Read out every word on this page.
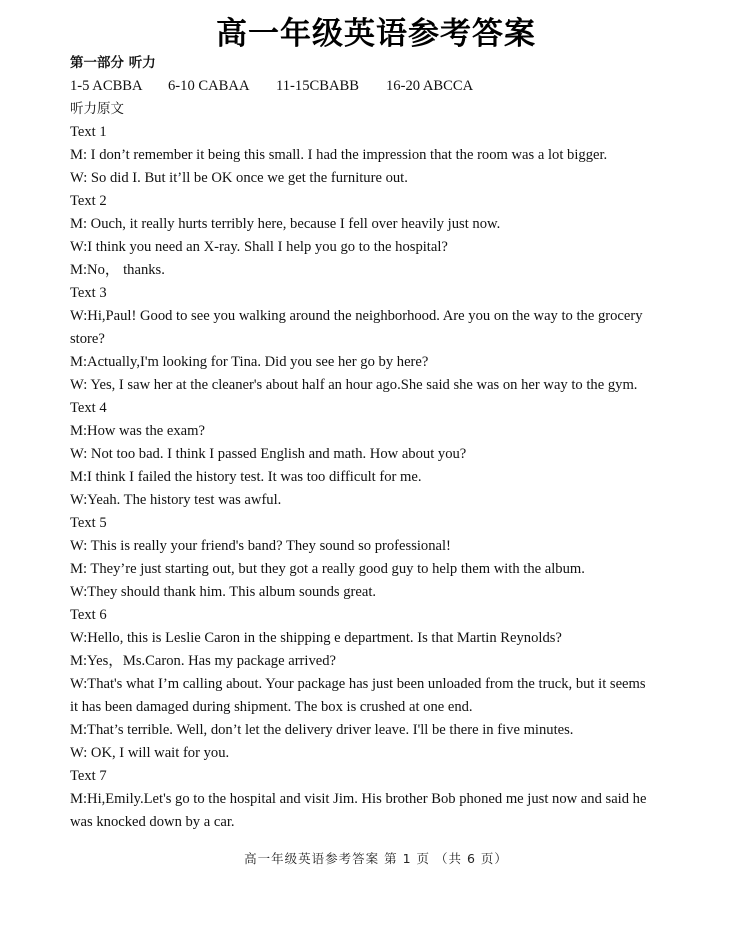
高一年级英语参考答案
第一部分 听力
1-5 ACBBA 6-10 CABAA 11-15CBABB 16-20 ABCCA
听力原文
Text 1
M: I don’t remember it being this small. I had the impression that the room was a lot bigger.
W: So did I. But it’ll be OK once we get the furniture out.
Text 2
M: Ouch, it really hurts terribly here, because I fell over heavily just now.
W:I think you need an X-ray. Shall I help you go to the hospital?
M:No， thanks.
Text 3
W:Hi,Paul! Good to see you walking around the neighborhood. Are you on the way to the grocery
store?
M:Actually,I'm looking for Tina. Did you see her go by here?
W: Yes, I saw her at the cleaner's about half an hour ago.She said she was on her way to the gym.
Text 4
M:How was the exam?
W: Not too bad. I think I passed English and math. How about you?
M:I think I failed the history test. It was too difficult for me.
W:Yeah. The history test was awful.
Text 5
W: This is really your friend's band? They sound so professional!
M: They’re just starting out, but they got a really good guy to help them with the album.
W:They should thank him. This album sounds great.
Text 6
W:Hello, this is Leslie Caron in the shipping e department. Is that Martin Reynolds?
M:Yes，Ms.Caron. Has my package arrived?
W:That's what I’m calling about. Your package has just been unloaded from the truck, but it seems
it has been damaged during shipment. The box is crushed at one end.
M:That’s terrible. Well, don’t let the delivery driver leave. I'll be there in five minutes.
W: OK, I will wait for you.
Text 7
M:Hi,Emily.Let's go to the hospital and visit Jim. His brother Bob phoned me just now and said he
was knocked down by a car.
高一年级英语参考答案 第 1 页 （共 6 页）
